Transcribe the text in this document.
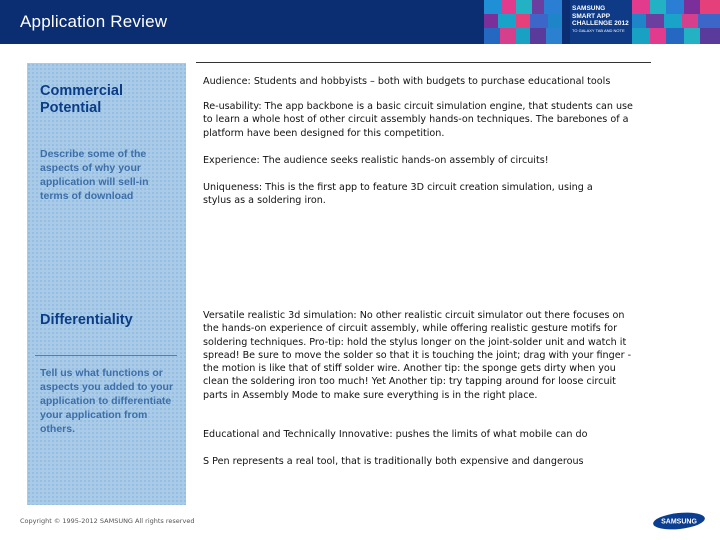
Application Review
SAMSUNG
SMART APP
CHALLENGE 2012
TO GALAXY TAB AND NOTE
Commercial Potential

Describe some of the aspects of why your application will sell-in terms of download

Differentiality

Tell us what functions or aspects you added to your application to differentiate your application from others.

Audience: Students and hobbyists – both with budgets to purchase educational tools

Re-usability: The app backbone is a basic circuit simulation engine, that students can use to learn a whole host of other circuit assembly hands-on techniques. The barebones of a platform have been designed for this competition.

Experience: The audience seeks realistic hands-on assembly of circuits!

Uniqueness: This is the first app to feature 3D circuit creation simulation, using a stylus as a soldering iron.

Versatile realistic 3d simulation: No other realistic circuit simulator out there focuses on the hands-on experience of circuit assembly, while offering realistic gesture motifs for soldering techniques. Pro-tip: hold the stylus longer on the joint-solder unit and watch it spread! Be sure to move the solder so that it is touching the joint; drag with your finger - the motion is like that of stiff solder wire. Another tip: the sponge gets dirty when you clean the soldering iron too much! Yet Another tip: try tapping around for loose circuit parts in Assembly Mode to make sure everything is in the right place.

Educational and Technically Innovative: pushes the limits of what mobile can do

S Pen represents a real tool, that is traditionally both expensive and dangerous

Copyright © 1995-2012 SAMSUNG All rights reserved	SAMSUNG
